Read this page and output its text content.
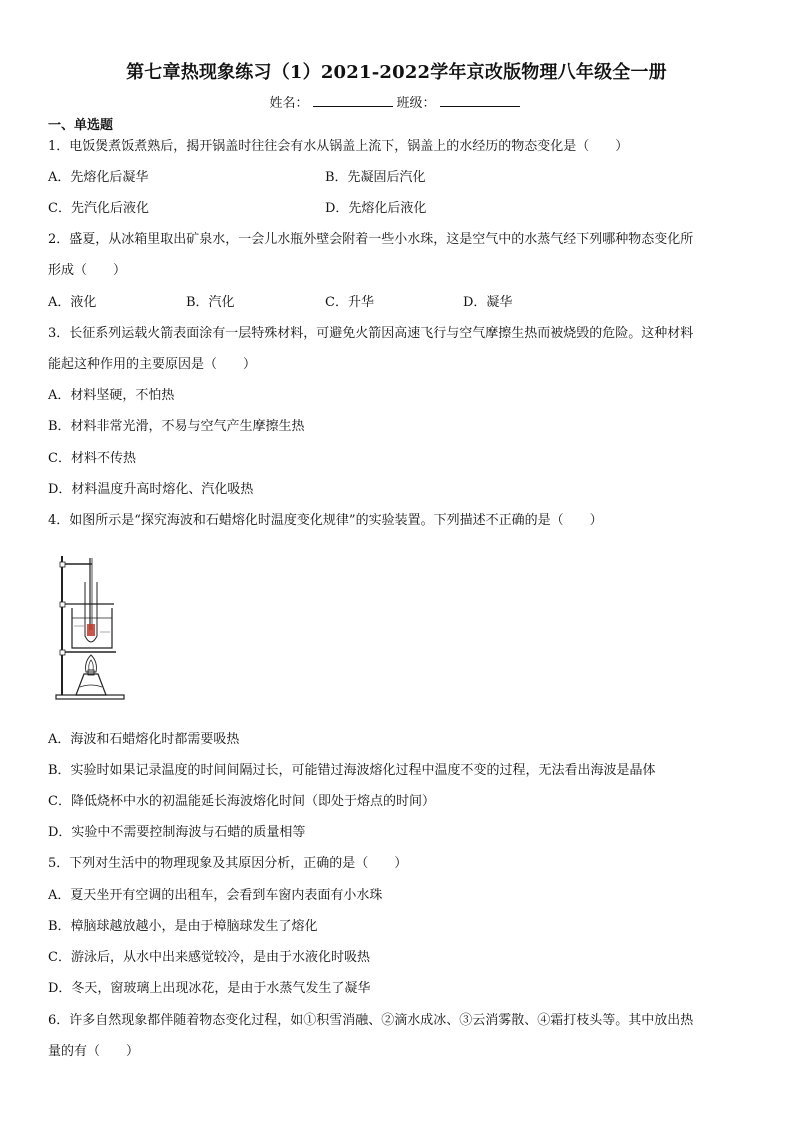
第七章热现象练习（1）2021-2022学年京改版物理八年级全一册
姓名：	班级：
一、单选题
1．电饭煲煮饭煮熟后，揭开锅盖时往往会有水从锅盖上流下，锅盖上的水经历的物态变化是（　　）
A．先熔化后凝华	B．先凝固后汽化
C．先汽化后液化	D．先熔化后液化
2．盛夏，从冰箱里取出矿泉水，一会儿水瓶外壁会附着一些小水珠，这是空气中的水蒸气经下列哪种物态变化所
形成（　　）
A．液化	B．汽化	C．升华	D．凝华
3．长征系列运载火箭表面涂有一层特殊材料，可避免火箭因高速飞行与空气摩擦生热而被烧毁的危险。这种材料
能起这种作用的主要原因是（　　）
A．材料坚硬，不怕热
B．材料非常光滑，不易与空气产生摩擦生热
C．材料不传热
D．材料温度升高时熔化、汽化吸热
4．如图所示是“探究海波和石蜡熔化时温度变化规律”的实验装置。下列描述不正确的是（　　）
A．海波和石蜡熔化时都需要吸热
B．实验时如果记录温度的时间间隔过长，可能错过海波熔化过程中温度不变的过程，无法看出海波是晶体
C．降低烧杯中水的初温能延长海波熔化时间（即处于熔点的时间）
D．实验中不需要控制海波与石蜡的质量相等
5．下列对生活中的物理现象及其原因分析，正确的是（　　）
A．夏天坐开有空调的出租车，会看到车窗内表面有小水珠
B．樟脑球越放越小，是由于樟脑球发生了熔化
C．游泳后，从水中出来感觉较冷，是由于水液化时吸热
D．冬天，窗玻璃上出现冰花，是由于水蒸气发生了凝华
6．许多自然现象都伴随着物态变化过程，如①积雪消融、②滴水成冰、③云消雾散、④霜打枝头等。其中放出热
量的有（　　）
